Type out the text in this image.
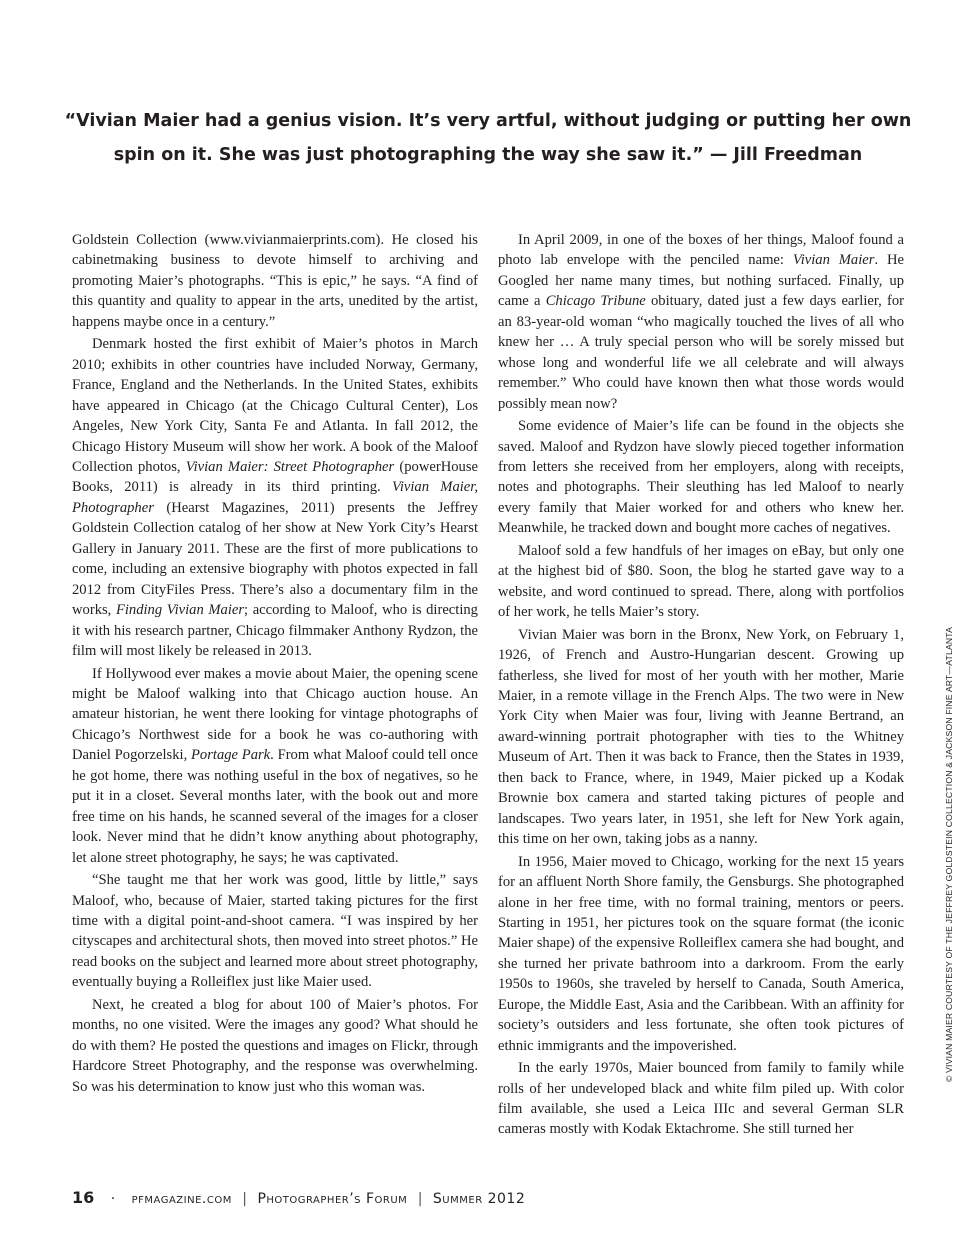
“Vivian Maier had a genius vision. It’s very artful, without judging or putting her own spin on it. She was just photographing the way she saw it.” — Jill Freedman

Goldstein Collection (www.vivianmaierprints.com). He closed his cabinetmaking business to devote himself to archiving and promoting Maier’s photographs. “This is epic,” he says. “A find of this quantity and quality to appear in the arts, unedited by the artist, happens maybe once in a century.”

Denmark hosted the first exhibit of Maier’s photos in March 2010; exhibits in other countries have included Norway, Germany, France, England and the Netherlands. In the United States, exhibits have appeared in Chicago (at the Chicago Cultural Center), Los Angeles, New York City, Santa Fe and Atlanta. In fall 2012, the Chicago History Museum will show her work. A book of the Maloof Collection photos, Vivian Maier: Street Photographer (powerHouse Books, 2011) is already in its third printing. Vivian Maier, Photographer (Hearst Magazines, 2011) presents the Jeffrey Goldstein Collection catalog of her show at New York City’s Hearst Gallery in January 2011. These are the first of more publications to come, including an extensive biography with photos expected in fall 2012 from CityFiles Press. There’s also a documentary film in the works, Finding Vivian Maier; according to Maloof, who is directing it with his research partner, Chicago filmmaker Anthony Rydzon, the film will most likely be released in 2013.

If Hollywood ever makes a movie about Maier, the opening scene might be Maloof walking into that Chicago auction house. An amateur historian, he went there looking for vintage photographs of Chicago’s Northwest side for a book he was co-authoring with Daniel Pogorzelski, Portage Park. From what Maloof could tell once he got home, there was nothing useful in the box of negatives, so he put it in a closet. Several months later, with the book out and more free time on his hands, he scanned several of the images for a closer look. Never mind that he didn’t know anything about photography, let alone street photography, he says; he was captivated.

“She taught me that her work was good, little by little,” says Maloof, who, because of Maier, started taking pictures for the first time with a digital point-and-shoot camera. “I was inspired by her cityscapes and architectural shots, then moved into street photos.” He read books on the subject and learned more about street photography, eventually buying a Rolleiflex just like Maier used.

Next, he created a blog for about 100 of Maier’s photos. For months, no one visited. Were the images any good? What should he do with them? He posted the questions and images on Flickr, through Hardcore Street Photography, and the response was overwhelming. So was his determination to know just who this woman was.

In April 2009, in one of the boxes of her things, Maloof found a photo lab envelope with the penciled name: Vivian Maier. He Googled her name many times, but nothing surfaced. Finally, up came a Chicago Tribune obituary, dated just a few days earlier, for an 83-year-old woman “who magically touched the lives of all who knew her … A truly special person who will be sorely missed but whose long and wonderful life we all celebrate and will always remember.” Who could have known then what those words would possibly mean now?

Some evidence of Maier’s life can be found in the objects she saved. Maloof and Rydzon have slowly pieced together information from letters she received from her employers, along with receipts, notes and photographs. Their sleuthing has led Maloof to nearly every family that Maier worked for and others who knew her. Meanwhile, he tracked down and bought more caches of negatives.

Maloof sold a few handfuls of her images on eBay, but only one at the highest bid of $80. Soon, the blog he started gave way to a website, and word continued to spread. There, along with portfolios of her work, he tells Maier’s story.

Vivian Maier was born in the Bronx, New York, on February 1, 1926, of French and Austro-Hungarian descent. Growing up fatherless, she lived for most of her youth with her mother, Marie Maier, in a remote village in the French Alps. The two were in New York City when Maier was four, living with Jeanne Bertrand, an award-winning portrait photographer with ties to the Whitney Museum of Art. Then it was back to France, then the States in 1939, then back to France, where, in 1949, Maier picked up a Kodak Brownie box camera and started taking pictures of people and landscapes. Two years later, in 1951, she left for New York again, this time on her own, taking jobs as a nanny.

In 1956, Maier moved to Chicago, working for the next 15 years for an affluent North Shore family, the Gensburgs. She photographed alone in her free time, with no formal training, mentors or peers. Starting in 1951, her pictures took on the square format (the iconic Maier shape) of the expensive Rolleiflex camera she had bought, and she turned her private bathroom into a darkroom. From the early 1950s to 1960s, she traveled by herself to Canada, South America, Europe, the Middle East, Asia and the Caribbean. With an affinity for society’s outsiders and less fortunate, she often took pictures of ethnic immigrants and the impoverished.

In the early 1970s, Maier bounced from family to family while rolls of her undeveloped black and white film piled up. With color film available, she used a Leica IIIc and several German SLR cameras mostly with Kodak Ektachrome. She still turned her

© VIVIAN MAIER COURTESY OF THE JEFFREY GOLDSTEIN COLLECTION & JACKSON FINE ART—ATLANTA
16 · pfmagazine.com | Photographer’s Forum | Summer 2012
